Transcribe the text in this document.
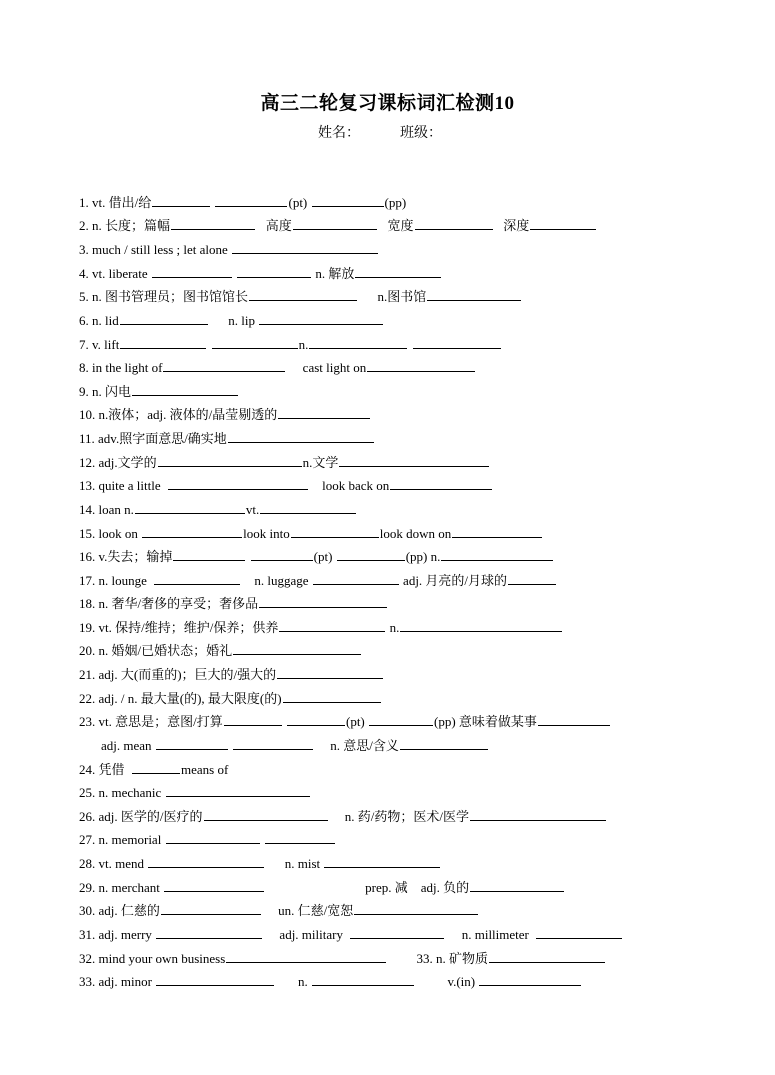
高三二轮复习课标词汇检测10
姓名：	班级：
1. vt. 借出/给	(pt)	(pp)
2. n. 长度；篇幅	高度	宽度	深度
3. much / still less ; let alone
4. vt. liberate	n. 解放
5. n. 图书管理员；图书馆馆长	n.图书馆
6. n. lid	n. lip
7. v. lift	n.
8. in the light of	cast light on
9. n. 闪电
10. n.液体；adj. 液体的/晶莹剔透的
11. adv.照字面意思/确实地
12. adj.文学的	n.文学
13. quite a little	look back on
14. loan n.	vt.
15. look on	look into	look down on
16. v.失去；输掉	(pt)	(pp) n.
17. n. lounge	n. luggage	adj. 月亮的/月球的
18. n. 奢华/奢侈的享受；奢侈品
19. vt. 保持/维持；维护/保养；供养	n.
20. n. 婚姻/已婚状态；婚礼
21. adj. 大(而重的)；巨大的/强大的
22. adj. / n. 最大量(的), 最大限度(的)
23. vt. 意思是；意图/打算	(pt)	(pp) 意味着做某事
adj. mean	n. 意思/含义
24. 凭借	means of
25. n. mechanic
26. adj. 医学的/医疗的	n. 药/药物；医术/医学
27. n. memorial
28. vt. mend	n. mist
29. n. merchant	prep. 减 adj. 负的
30. adj. 仁慈的	un. 仁慈/宽恕
31. adj. merry	adj. military	n. millimeter
32. mind your own business	33. n. 矿物质
33. adj. minor	n.	v.(in)
